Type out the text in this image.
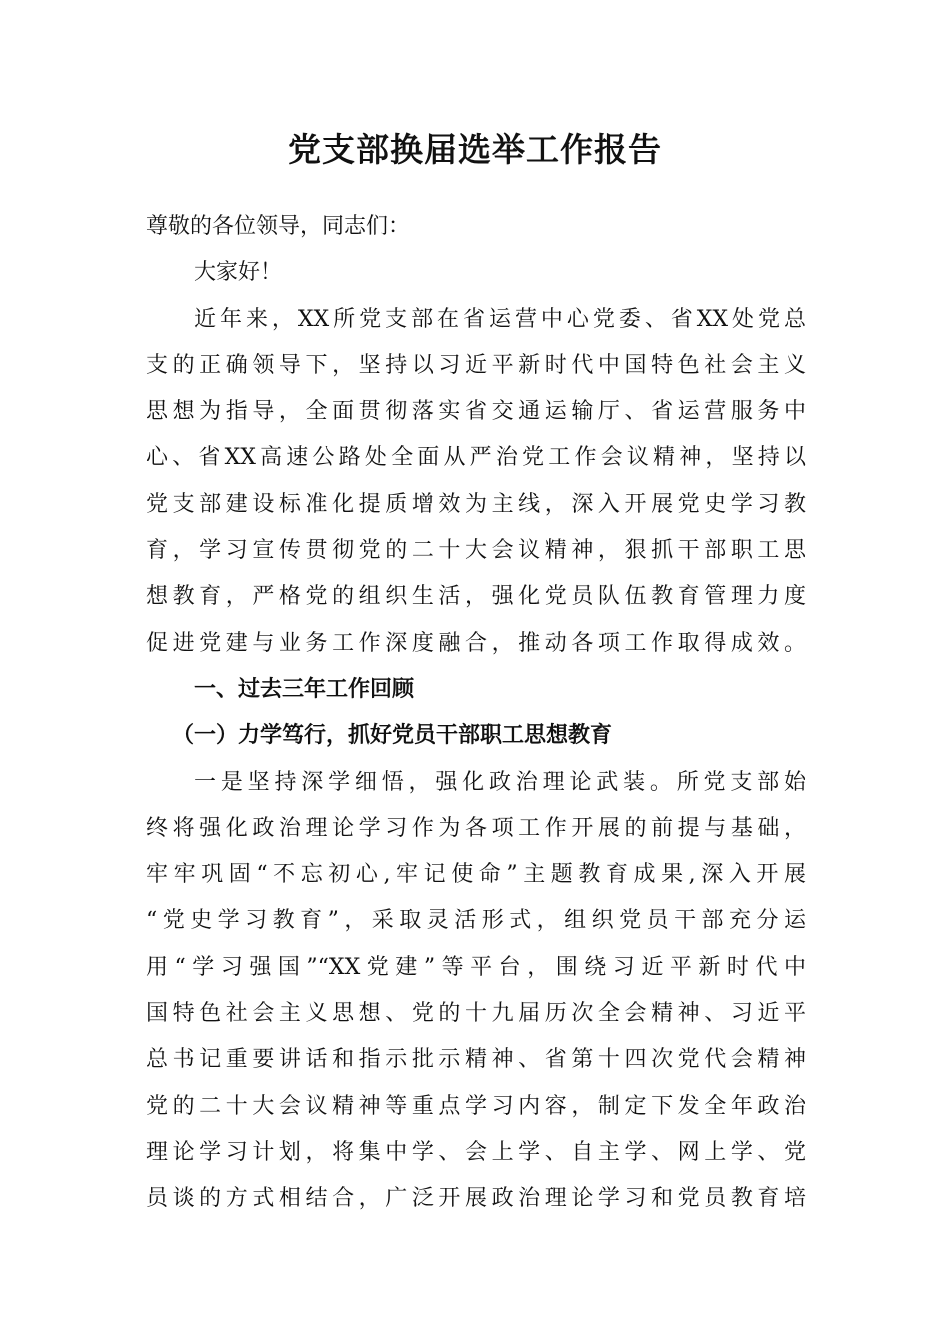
党支部换届选举工作报告
尊敬的各位领导，同志们：
大家好！
近年来，XX所党支部在省运营中心党委、省XX处党总
支的正确领导下，坚持以习近平新时代中国特色社会主义
思想为指导，全面贯彻落实省交通运输厅、省运营服务中
心、省XX高速公路处全面从严治党工作会议精神，坚持以
党支部建设标准化提质增效为主线，深入开展党史学习教
育，学习宣传贯彻党的二十大会议精神，狠抓干部职工思
想教育，严格党的组织生活，强化党员队伍教育管理力度
促进党建与业务工作深度融合，推动各项工作取得成效。
一、过去三年工作回顾
（一）力学笃行，抓好党员干部职工思想教育
一是坚持深学细悟，强化政治理论武装。所党支部始
终将强化政治理论学习作为各项工作开展的前提与基础，
牢牢巩固“不忘初心,牢记使命”主题教育成果,深入开展
“党史学习教育”，采取灵活形式，组织党员干部充分运
用“学习强国”“XX党建”等平台，围绕习近平新时代中
国特色社会主义思想、党的十九届历次全会精神、习近平
总书记重要讲话和指示批示精神、省第十四次党代会精神
党的二十大会议精神等重点学习内容，制定下发全年政治
理论学习计划，将集中学、会上学、自主学、网上学、党
员谈的方式相结合，广泛开展政治理论学习和党员教育培
